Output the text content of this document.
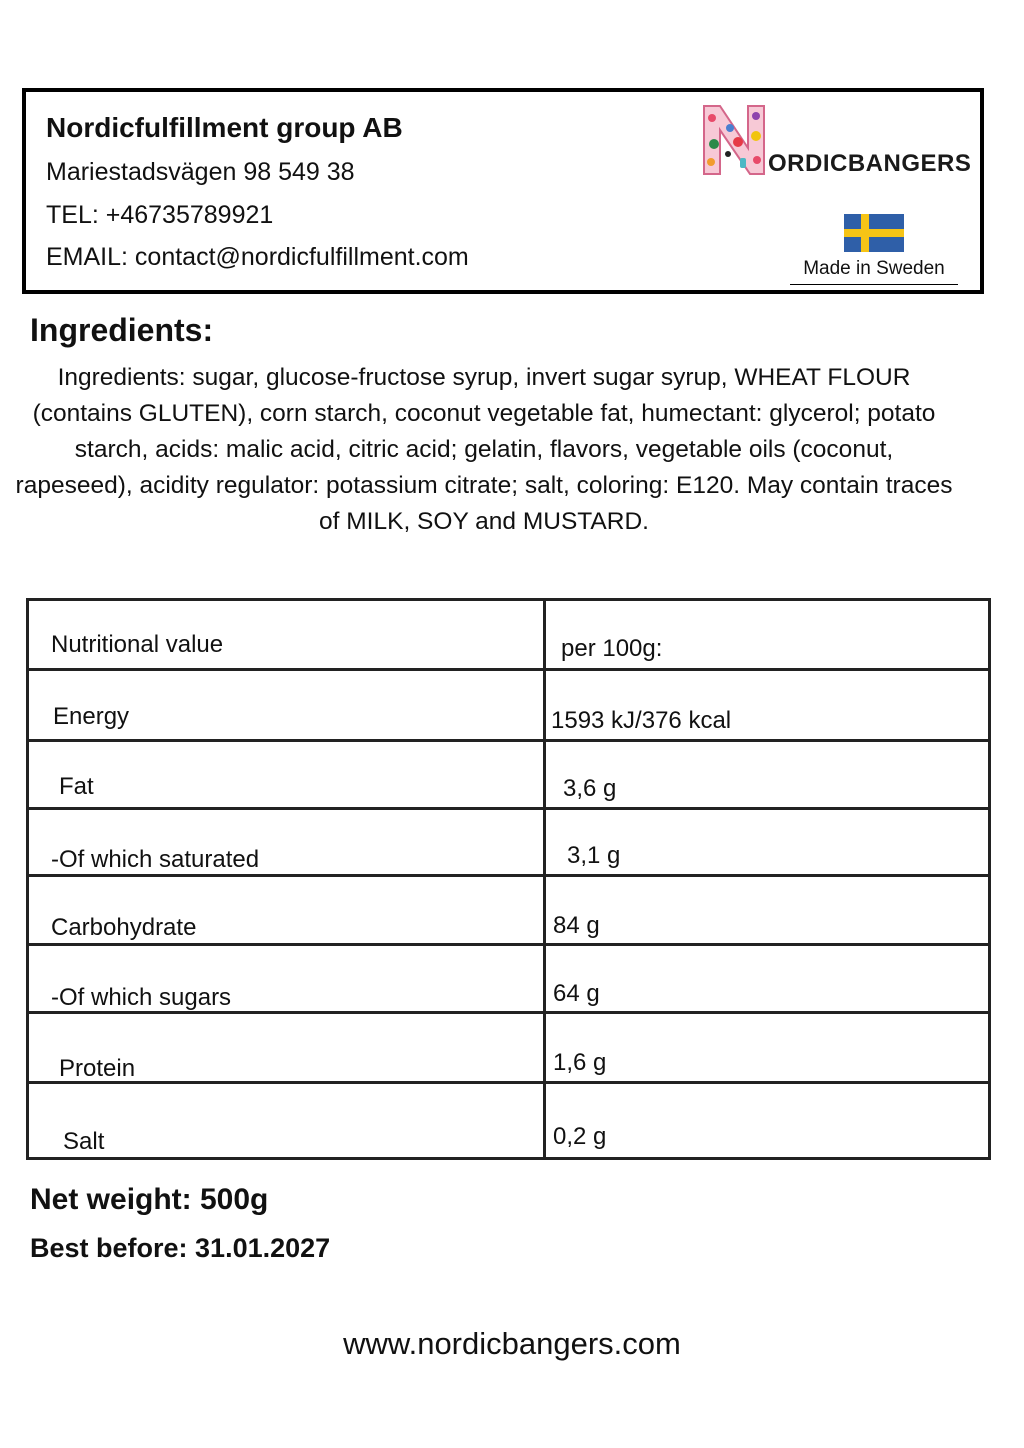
Nordicfulfillment group AB
Mariestadsvägen 98 549 38
TEL: +46735789921
EMAIL: contact@nordicfulfillment.com
ORDICBANGERS
Made in Sweden
Ingredients:
Ingredients: sugar, glucose-fructose syrup, invert sugar syrup, WHEAT FLOUR (contains GLUTEN), corn starch, coconut vegetable fat, humectant: glycerol; potato starch, acids: malic acid, citric acid; gelatin, flavors, vegetable oils (coconut, rapeseed), acidity regulator: potassium citrate; salt, coloring: E120. May contain traces of MILK, SOY and MUSTARD.
Nutritional value	per 100g:
Energy	1593 kJ/376 kcal
Fat	3,6 g
-Of which saturated	3,1 g
Carbohydrate	84 g
-Of which sugars	64 g
Protein	1,6 g
Salt	0,2 g
Net weight: 500g
Best before: 31.01.2027
www.nordicbangers.com
